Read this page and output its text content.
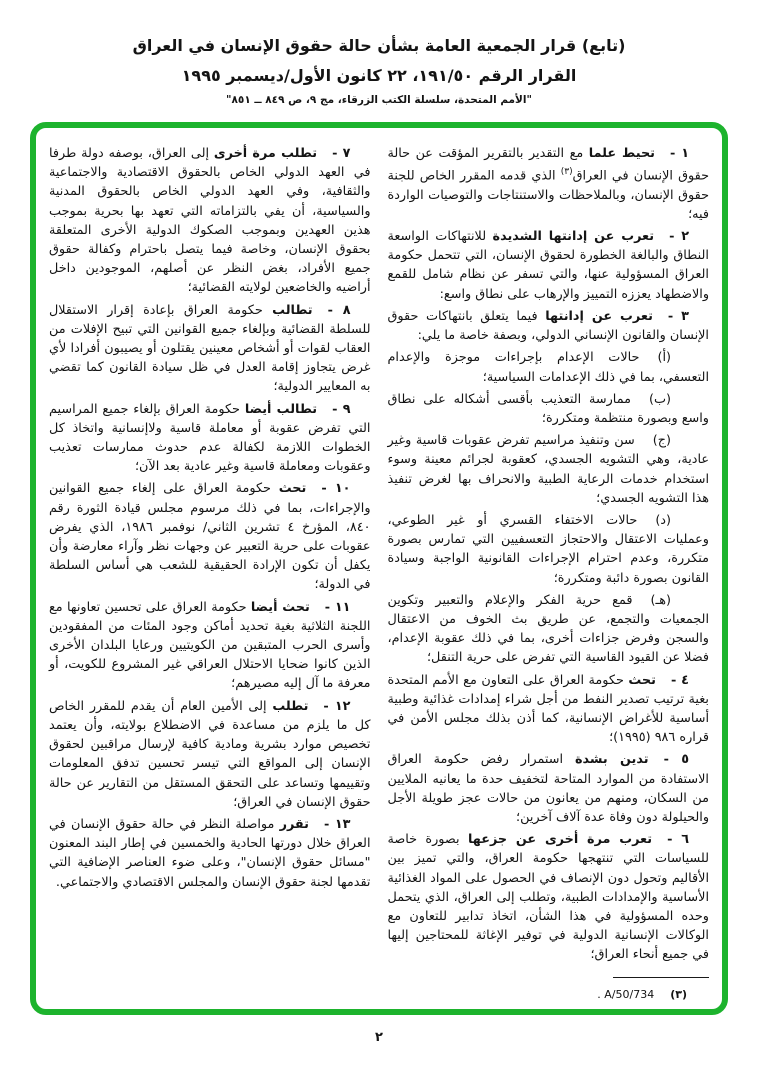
(تابع) قرار الجمعية العامة بشأن حالة حقوق الإنسان في العراق

القرار الرقم ١٩١/٥٠، ٢٢ كانون الأول/ديسمبر ١٩٩٥

"الأمم المتحدة، سلسلة الكتب الزرقاء، مج ٩، ص ٨٤٩ ــ ٨٥١"

١ -تحيط علما مع التقدير بالتقرير المؤقت عن حالة حقوق الإنسان في العراق$^{(٣)}$ الذي قدمه المقرر الخاص للجنة حقوق الإنسان، وبالملاحظات والاستنتاجات والتوصيات الواردة فيه؛

٢ -تعرب عن إدانتها الشديدة للانتهاكات الواسعة النطاق والبالغة الخطورة لحقوق الإنسان، التي تتحمل حكومة العراق المسؤولية عنها، والتي تسفر عن نظام شامل للقمع والاضطهاد يعززه التمييز والإرهاب على نطاق واسع:

٣ -تعرب عن إدانتها فيما يتعلق بانتهاكات حقوق الإنسان والقانون الإنساني الدولي، وبصفة خاصة ما يلي:

(أ)حالات الإعدام بإجراءات موجزة والإعدام التعسفي، بما في ذلك الإعدامات السياسية؛

(ب)ممارسة التعذيب بأقسى أشكاله على نطاق واسع وبصورة منتظمة ومتكررة؛

(ج)سن وتنفيذ مراسيم تفرض عقوبات قاسية وغير عادية، وهي التشويه الجسدي، كعقوبة لجرائم معينة وسوء استخدام خدمات الرعاية الطبية والانحراف بها لغرض تنفيذ هذا التشويه الجسدي؛

(د)حالات الاختفاء القسري أو غير الطوعي، وعمليات الاعتقال والاحتجاز التعسفيين التي تمارس بصورة متكررة، وعدم احترام الإجراءات القانونية الواجبة وسيادة القانون بصورة دائبة ومتكررة؛

(هـ)قمع حرية الفكر والإعلام والتعبير وتكوين الجمعيات والتجمع، عن طريق بث الخوف من الاعتقال والسجن وفرض جزاءات أخرى، بما في ذلك عقوبة الإعدام، فضلا عن القيود القاسية التي تفرض على حرية التنقل؛

٤ -تحث حكومة العراق على التعاون مع الأمم المتحدة بغية ترتيب تصدير النفط من أجل شراء إمدادات غذائية وطبية أساسية للأغراض الإنسانية، كما أذن بذلك مجلس الأمن في قراره ٩٨٦ (١٩٩٥)؛

٥ -تدين بشدة استمرار رفض حكومة العراق الاستفادة من الموارد المتاحة لتخفيف حدة ما يعانيه الملايين من السكان، ومنهم من يعانون من حالات عجز طويلة الأجل والحيلولة دون وفاة عدة آلاف آخرين؛

٦ -تعرب مرة أخرى عن جزعها بصورة خاصة للسياسات التي تنتهجها حكومة العراق، والتي تميز بين الأقاليم وتحول دون الإنصاف في الحصول على المواد الغذائية الأساسية والإمدادات الطبية، وتطلب إلى العراق، الذي يتحمل وحده المسؤولية في هذا الشأن، اتخاذ تدابير للتعاون مع الوكالات الإنسانية الدولية في توفير الإغاثة للمحتاجين إليها في جميع أنحاء العراق؛

(٣)A/50/734 .

٧ -تطلب مرة أخرى إلى العراق، بوصفه دولة طرفا في العهد الدولي الخاص بالحقوق الاقتصادية والاجتماعية والثقافية، وفي العهد الدولي الخاص بالحقوق المدنية والسياسية، أن يفي بالتزاماته التي تعهد بها بحرية بموجب هذين العهدين وبموجب الصكوك الدولية الأخرى المتعلقة بحقوق الإنسان، وخاصة فيما يتصل باحترام وكفالة حقوق جميع الأفراد، بغض النظر عن أصلهم، الموجودين داخل أراضيه والخاضعين لولايته القضائية؛

٨ -تطالب حكومة العراق بإعادة إقرار الاستقلال للسلطة القضائية وبإلغاء جميع القوانين التي تبيح الإفلات من العقاب لقوات أو أشخاص معينين يقتلون أو يصيبون أفرادا لأي غرض يتجاوز إقامة العدل في ظل سيادة القانون كما تقضي به المعايير الدولية؛

٩ -تطالب أيضا حكومة العراق بإلغاء جميع المراسيم التي تفرض عقوبة أو معاملة قاسية ولاإنسانية واتخاذ كل الخطوات اللازمة لكفالة عدم حدوث ممارسات تعذيب وعقوبات ومعاملة قاسية وغير عادية بعد الآن؛

١٠ -تحث حكومة العراق على إلغاء جميع القوانين والإجراءات، بما في ذلك مرسوم مجلس قيادة الثورة رقم ٨٤٠، المؤرخ ٤ تشرين الثاني/ نوفمبر ١٩٨٦، الذي يفرض عقوبات على حرية التعبير عن وجهات نظر وآراء معارضة وأن يكفل أن تكون الإرادة الحقيقية للشعب هي أساس السلطة في الدولة؛

١١ -تحث أيضا حكومة العراق على تحسين تعاونها مع اللجنة الثلاثية بغية تحديد أماكن وجود المئات من المفقودين وأسرى الحرب المتبقين من الكويتيين ورعايا البلدان الأخرى الذين كانوا ضحايا الاحتلال العراقي غير المشروع للكويت، أو معرفة ما آل إليه مصيرهم؛

١٢ -تطلب إلى الأمين العام أن يقدم للمقرر الخاص كل ما يلزم من مساعدة في الاضطلاع بولايته، وأن يعتمد تخصيص موارد بشرية ومادية كافية لإرسال مراقبين لحقوق الإنسان إلى المواقع التي تيسر تحسين تدفق المعلومات وتقييمها وتساعد على التحقق المستقل من التقارير عن حالة حقوق الإنسان في العراق؛

١٣ -تقرر مواصلة النظر في حالة حقوق الإنسان في العراق خلال دورتها الحادية والخمسين في إطار البند المعنون "مسائل حقوق الإنسان"، وعلى ضوء العناصر الإضافية التي تقدمها لجنة حقوق الإنسان والمجلس الاقتصادي والاجتماعي.

٢
